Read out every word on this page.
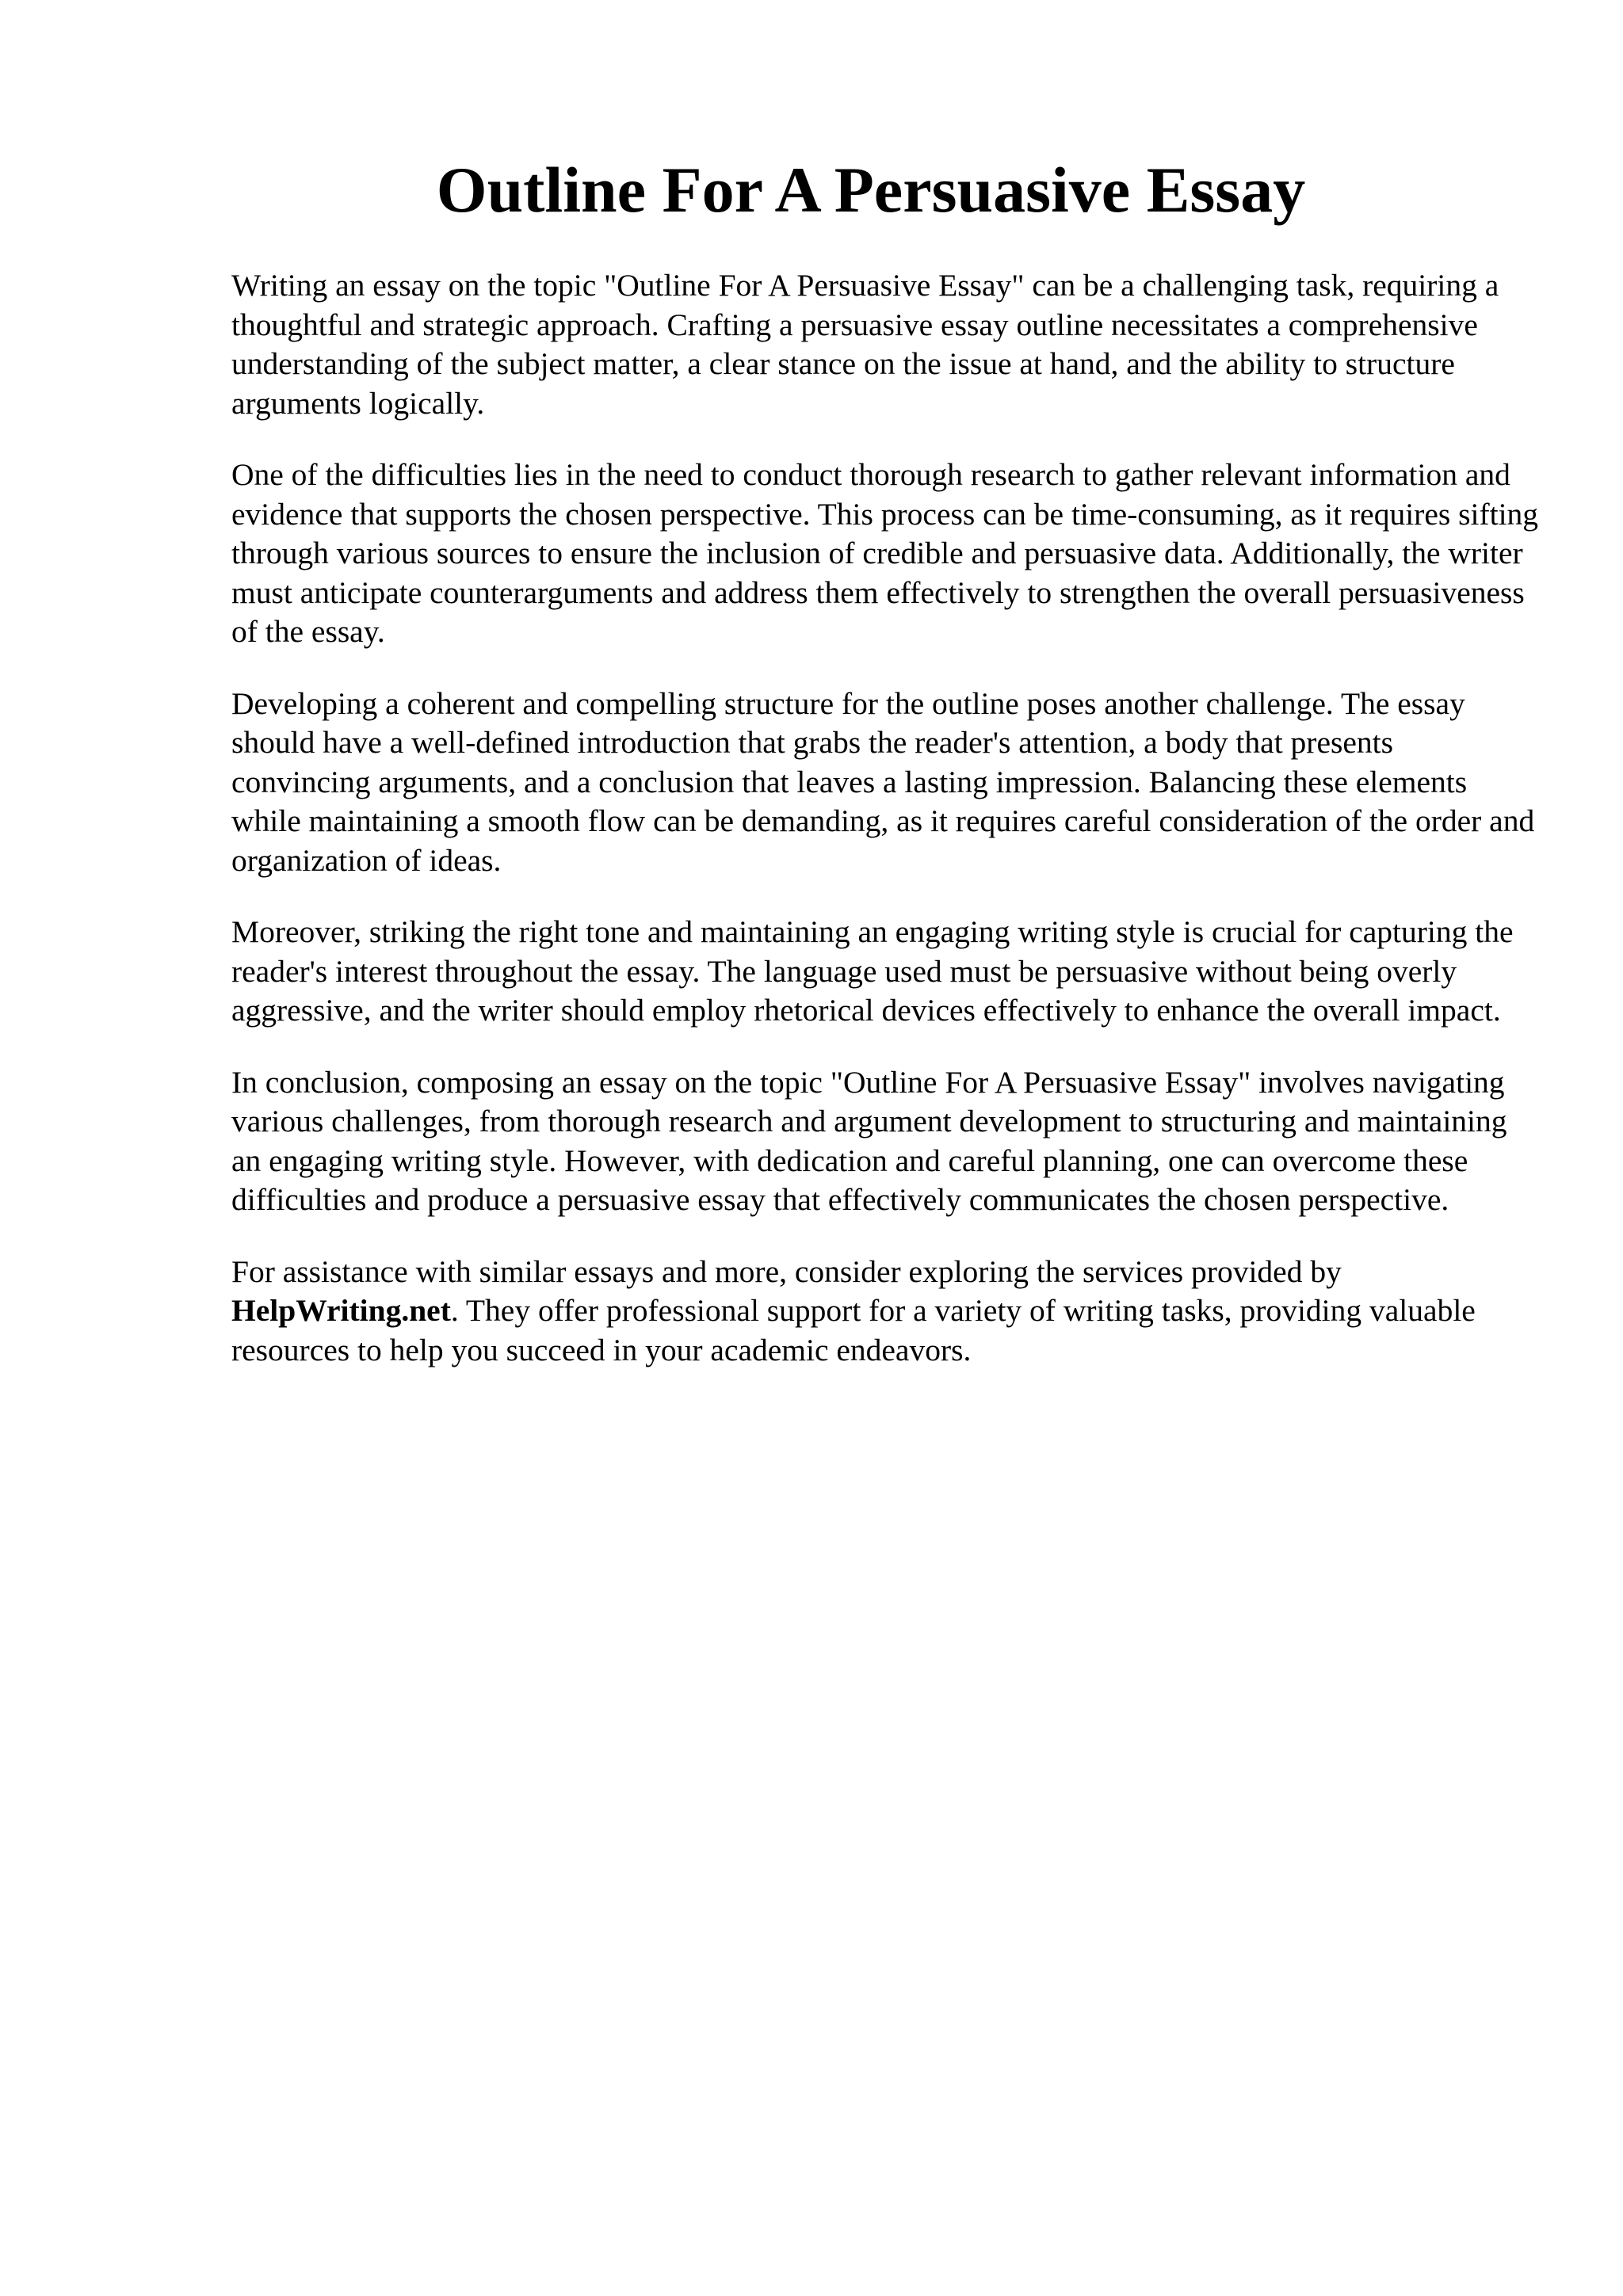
Outline For A Persuasive Essay

Writing an essay on the topic "Outline For A Persuasive Essay" can be a challenging task, requiring a thoughtful and strategic approach. Crafting a persuasive essay outline necessitates a comprehensive understanding of the subject matter, a clear stance on the issue at hand, and the ability to structure arguments logically.

One of the difficulties lies in the need to conduct thorough research to gather relevant information and evidence that supports the chosen perspective. This process can be time-consuming, as it requires sifting through various sources to ensure the inclusion of credible and persuasive data. Additionally, the writer must anticipate counterarguments and address them effectively to strengthen the overall persuasiveness of the essay.

Developing a coherent and compelling structure for the outline poses another challenge. The essay should have a well-defined introduction that grabs the reader's attention, a body that presents convincing arguments, and a conclusion that leaves a lasting impression. Balancing these elements while maintaining a smooth flow can be demanding, as it requires careful consideration of the order and organization of ideas.

Moreover, striking the right tone and maintaining an engaging writing style is crucial for capturing the reader's interest throughout the essay. The language used must be persuasive without being overly aggressive, and the writer should employ rhetorical devices effectively to enhance the overall impact.

In conclusion, composing an essay on the topic "Outline For A Persuasive Essay" involves navigating various challenges, from thorough research and argument development to structuring and maintaining an engaging writing style. However, with dedication and careful planning, one can overcome these difficulties and produce a persuasive essay that effectively communicates the chosen perspective.

For assistance with similar essays and more, consider exploring the services provided by HelpWriting.net. They offer professional support for a variety of writing tasks, providing valuable resources to help you succeed in your academic endeavors.
